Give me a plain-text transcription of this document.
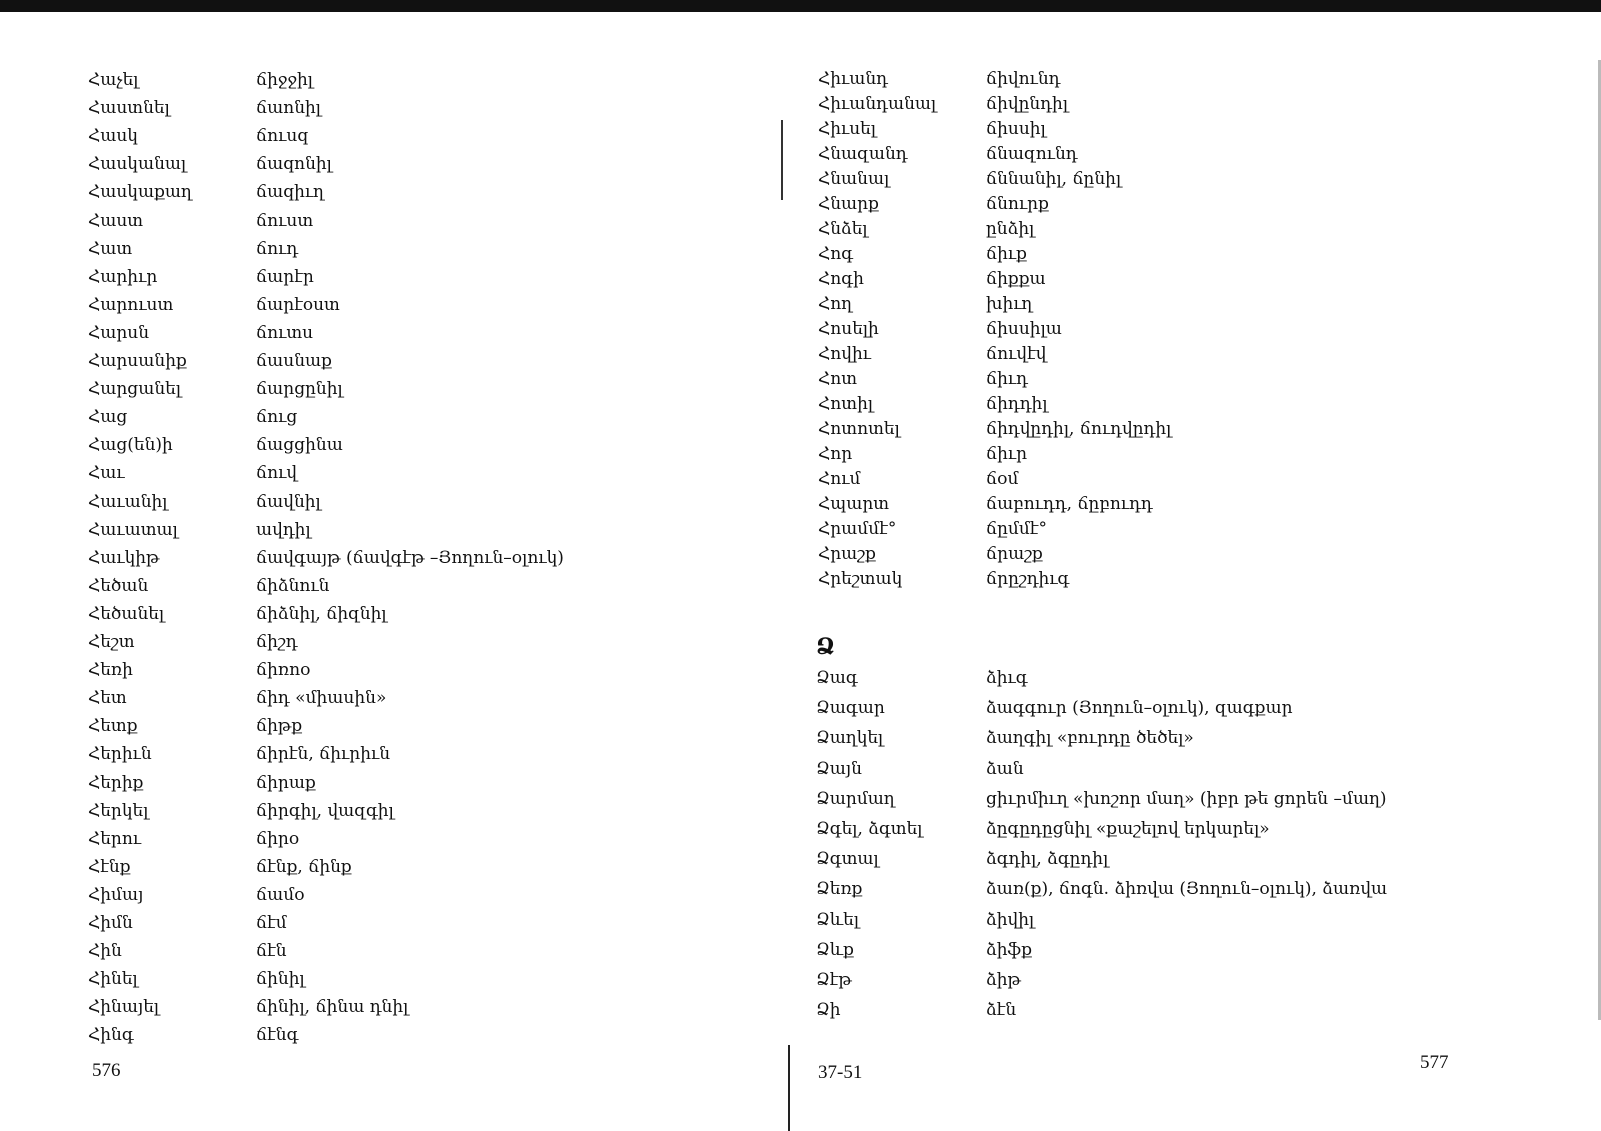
Հաչել	ճիջջիլ
Հաստնել	ճաnնիլ
Հասկ	ճուսq
Հասկանալ	ճաqnնիլ
Հասկաքաղ	ճաqիւղ
Հաստ	ճուստ
Հատ	ճուդ
Հարիւր	ճարէր
Հարուստ	ճարէoստ
Հարսն	ճուտս
Հարսանիք	ճասնաք
Հարցանել	ճարցընիլ
Հաց	ճուց
Հաց(են)ի	ճացցինա
Հաւ	ճուվ
Հաւանիլ	ճավնիլ
Հաւատալ	ավդիլ
Հաւկիթ	ճավգայթ (ճավգէթ –Յողուն–օլուկ)
Հեծան	ճիձնուն
Հեծանել	ճիձնիլ, ճիզնիլ
Հեշտ	ճիշդ
Հեռի	ճիռոօ
Հետ	ճիդ «միասին»
Հետք	ճիթք
Հերիւն	ճիրէն, ճիւրիւն
Հերիք	ճիրաք
Հերկել	ճիրգիլ, վազգիլ
Հերու	ճիրօ
Հէնք	ճէնք, ճինք
Հիմայ	ճամօ
Հիմն	ճէմ
Հին	ճէն
Հինել	ճինիլ
Հինայել	ճինիլ, ճինա դնիլ
Հինգ	ճէնգ
576
Հիւանդ	ճիվունդ
Հիւանդանալ	ճիվընդիլ
Հիւսել	ճիսսիլ
Հնազանդ	ճնազունդ
Հնանալ	ճննանիլ, ճընիլ
Հնարք	ճնուրք
Հնձել	ընձիլ
Հոգ	ճիւք
Հոգի	ճիքքա
Հող	խիւղ
Հոսելի	ճիսսիլա
Հովիւ	ճուվէվ
Հոտ	ճիւդ
Հոտիլ	ճիդդիլ
Հոտոտել	ճիդվըդիլ, ճուդվըդիլ
Հոր	ճիւր
Հում	ճօմ
Հպարտ	ճաբուդդ, ճըբուդդ
Հրամմէ°	ճըմմէ°
Հրաշք	ճրաշք
Հրեշտակ	ճրըշդիւգ
Ձ
Ձագ	ձիւգ
Ձագար	ձագգուր (Յողուն–օլուկ), զագքար
Ձաղկել	ձաղգիլ «բուրդը ծեծել»
Ձայն	ձան
Ձարմաղ	ցիւրմիւղ «խոշոր մաղ» (իբր թե ցորեն –մաղ)
Ձգել, ձգտել	ձըգըդըցնիլ «քաշելով երկարել»
Ձգտալ	ձգդիլ, ձգըդիլ
Ձեռք	ձառ(ք), ճոգն. ձիռվա (Յողուն–օլուկ), ձառվա
Ձևել	ձիվիլ
Ձևք	ձիֆք
Ձէթ	ձիթ
Ձի	ձէն
37-51	577
